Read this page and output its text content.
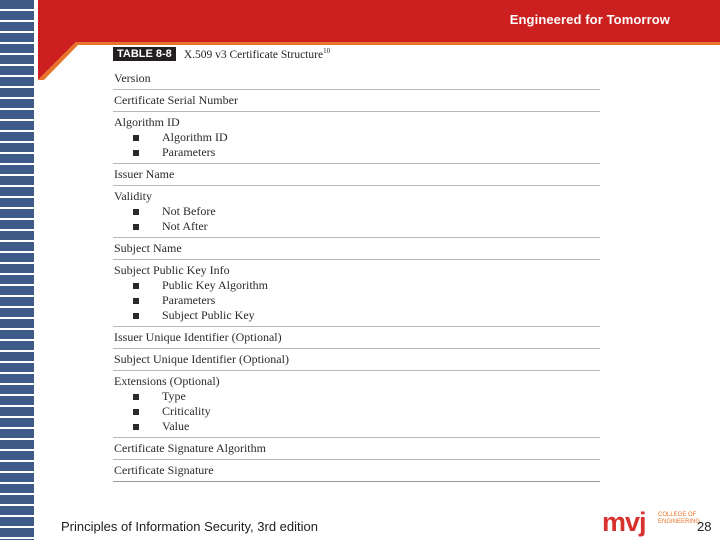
Engineered for Tomorrow
TABLE 8-8	X.509 v3 Certificate Structure$^{10}$
Version
Certificate Serial Number
Algorithm ID
Algorithm ID
Parameters
Issuer Name
Validity
Not Before
Not After
Subject Name
Subject Public Key Info
Public Key Algorithm
Parameters
Subject Public Key
Issuer Unique Identifier (Optional)
Subject Unique Identifier (Optional)
Extensions (Optional)
Type
Criticality
Value
Certificate Signature Algorithm
Certificate Signature
Principles of Information Security, 3rd edition	mvj COLLEGE OF
ENGINEERING
28
